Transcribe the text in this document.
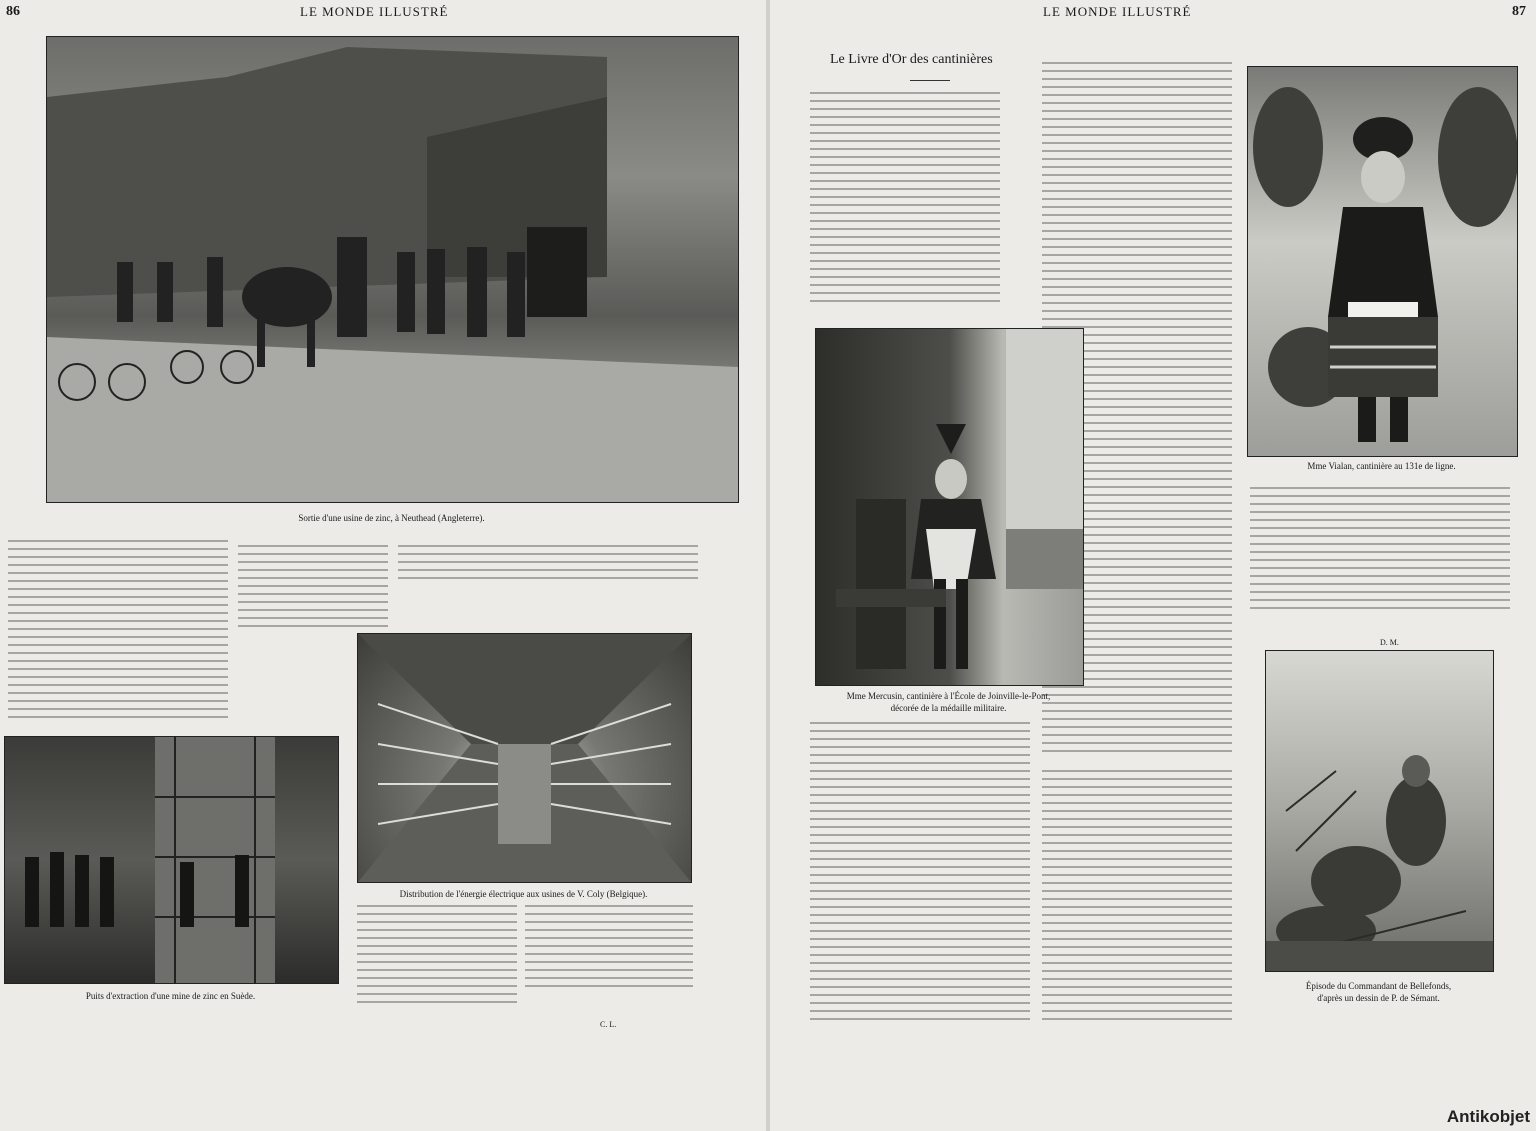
86	LE MONDE ILLUSTRÉ
Sortie d'une usine de zinc, à Neuthead (Angleterre).
Distribution de l'énergie électrique aux usines de V. Coly (Belgique).
Puits d'extraction d'une mine de zinc en Suède.
C. L.
LE MONDE ILLUSTRÉ	87
Le Livre d'Or des cantinières
Mme Mercusin, cantinière à l'École de Joinville-le-Pont,
décorée de la médaille militaire.
Mme Vialan, cantinière au 131e de ligne.
D. M.
Épisode du Commandant de Bellefonds,
d'après un dessin de P. de Sémant.
Antikobjet
